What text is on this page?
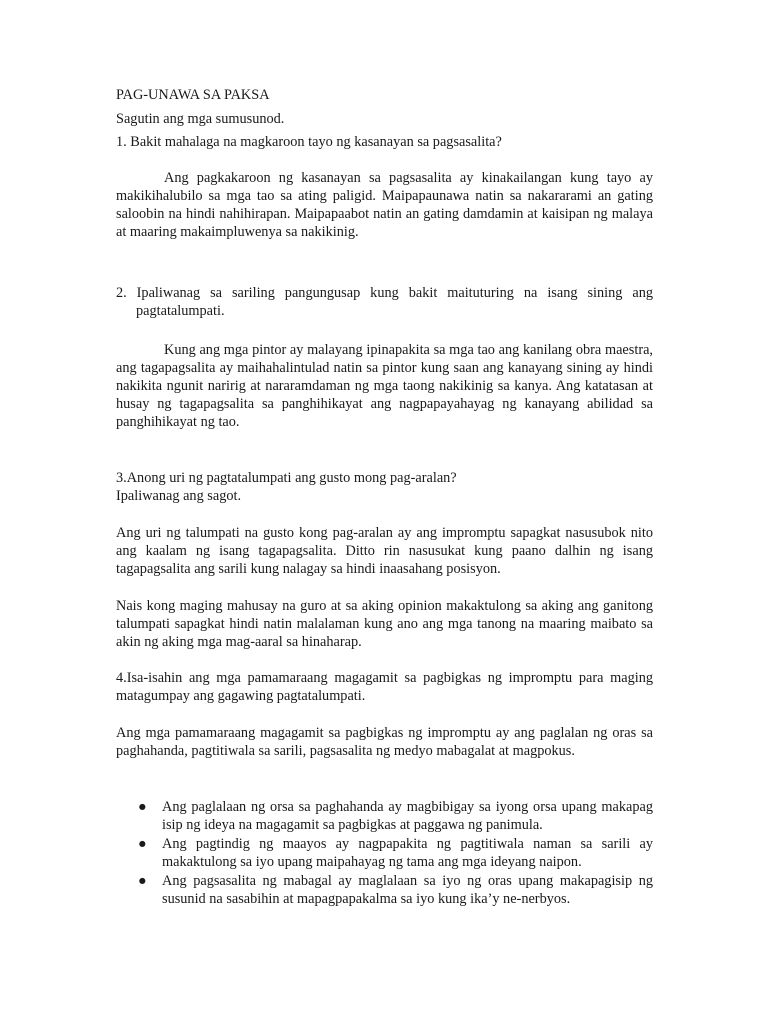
PAG-UNAWA SA PAKSA

Sagutin ang mga sumusunod.

1. Bakit mahalaga na magkaroon tayo ng kasanayan sa pagsasalita?

Ang pagkakaroon ng kasanayan sa pagsasalita ay kinakailangan kung tayo ay makikihalubilo sa mga tao sa ating paligid. Maipapaunawa natin sa nakararami an gating saloobin na hindi nahihirapan. Maipapaabot natin an gating damdamin at kaisipan ng malaya at maaring makaimpluwenya sa nakikinig.

2. Ipaliwanag sa sariling pangungusap kung bakit maituturing na isang sining ang pagtatalumpati.

Kung ang mga pintor ay malayang ipinapakita sa mga tao ang kanilang obra maestra, ang tagapagsalita ay maihahalintulad natin sa pintor kung saan ang kanayang sining ay hindi nakikita ngunit naririg at nararamdaman ng mga taong nakikinig sa kanya. Ang katatasan at husay ng tagapagsalita sa panghihikayat ang nagpapayahayag ng kanayang abilidad sa panghihikayat ng tao.

3.Anong uri ng pagtatalumpati ang gusto mong pag-aralan?

Ipaliwanag ang sagot.

Ang uri ng talumpati na gusto kong pag-aralan ay ang impromptu sapagkat nasusubok nito ang kaalam ng isang tagapagsalita. Ditto rin nasusukat kung paano dalhin ng isang tagapagsalita ang sarili kung nalagay sa hindi inaasahang posisyon.

Nais kong maging mahusay na guro at sa aking opinion makaktulong sa aking ang ganitong talumpati sapagkat hindi natin malalaman kung ano ang mga tanong na maaring maibato sa akin ng aking mga mag-aaral sa hinaharap.

4.Isa-isahin ang mga pamamaraang magagamit sa pagbigkas ng impromptu para maging matagumpay ang gagawing pagtatalumpati.

Ang mga pamamaraang magagamit sa pagbigkas ng impromptu ay ang paglalan ng oras sa paghahanda, pagtitiwala sa sarili, pagsasalita ng medyo mabagalat at magpokus.

● Ang paglalaan ng orsa sa paghahanda ay magbibigay sa iyong orsa upang makapag isip ng ideya na magagamit sa pagbigkas at paggawa ng panimula.
● Ang pagtindig ng maayos ay nagpapakita ng pagtitiwala naman sa sarili ay makaktulong sa iyo upang maipahayag ng tama ang mga ideyang naipon.
● Ang pagsasalita ng mabagal ay maglalaan sa iyo ng oras upang makapagisip ng susunid na sasabihin at mapagpapakalma sa iyo kung ika’y ne-nerbyos.
